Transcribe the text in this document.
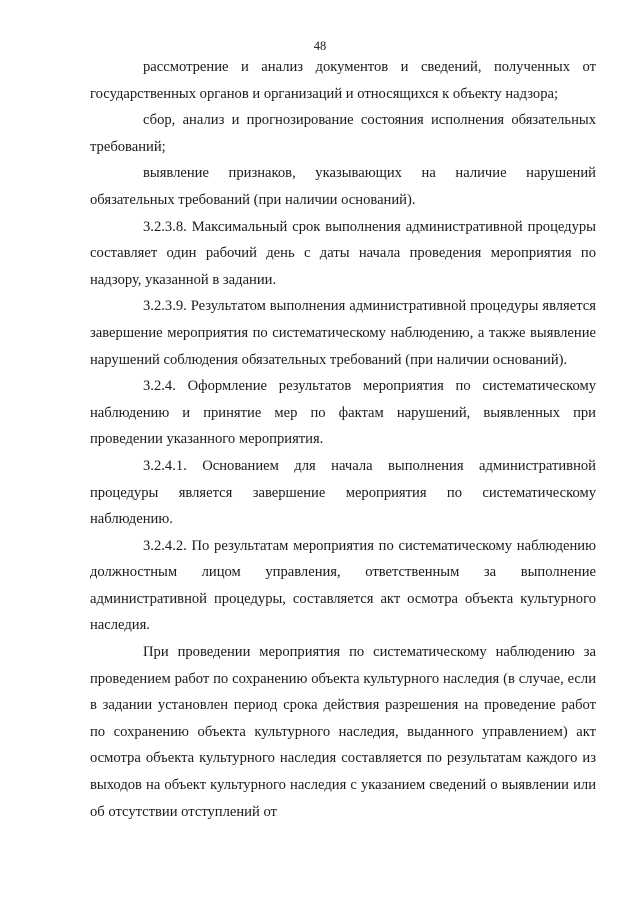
48

рассмотрение и анализ документов и сведений, полученных от государственных органов и организаций и относящихся к объекту надзора;

сбор, анализ и прогнозирование состояния исполнения обязательных требований;

выявление признаков, указывающих на наличие нарушений обязательных требований (при наличии оснований).

3.2.3.8. Максимальный срок выполнения административной процедуры составляет один рабочий день с даты начала проведения мероприятия по надзору, указанной в задании.

3.2.3.9. Результатом выполнения административной процедуры является завершение мероприятия по систематическому наблюдению, а также выявление нарушений соблюдения обязательных требований (при наличии оснований).

3.2.4. Оформление результатов мероприятия по систематическому наблюдению и принятие мер по фактам нарушений, выявленных при проведении указанного мероприятия.

3.2.4.1. Основанием для начала выполнения административной процедуры является завершение мероприятия по систематическому наблюдению.

3.2.4.2. По результатам мероприятия по систематическому наблюдению должностным лицом управления, ответственным за выполнение административной процедуры, составляется акт осмотра объекта культурного наследия.

При проведении мероприятия по систематическому наблюдению за проведением работ по сохранению объекта культурного наследия (в случае, если в задании установлен период срока действия разрешения на проведение работ по сохранению объекта культурного наследия, выданного управлением) акт осмотра объекта культурного наследия составляется по результатам каждого из выходов на объект культурного наследия с указанием сведений о выявлении или об отсутствии отступлений от
